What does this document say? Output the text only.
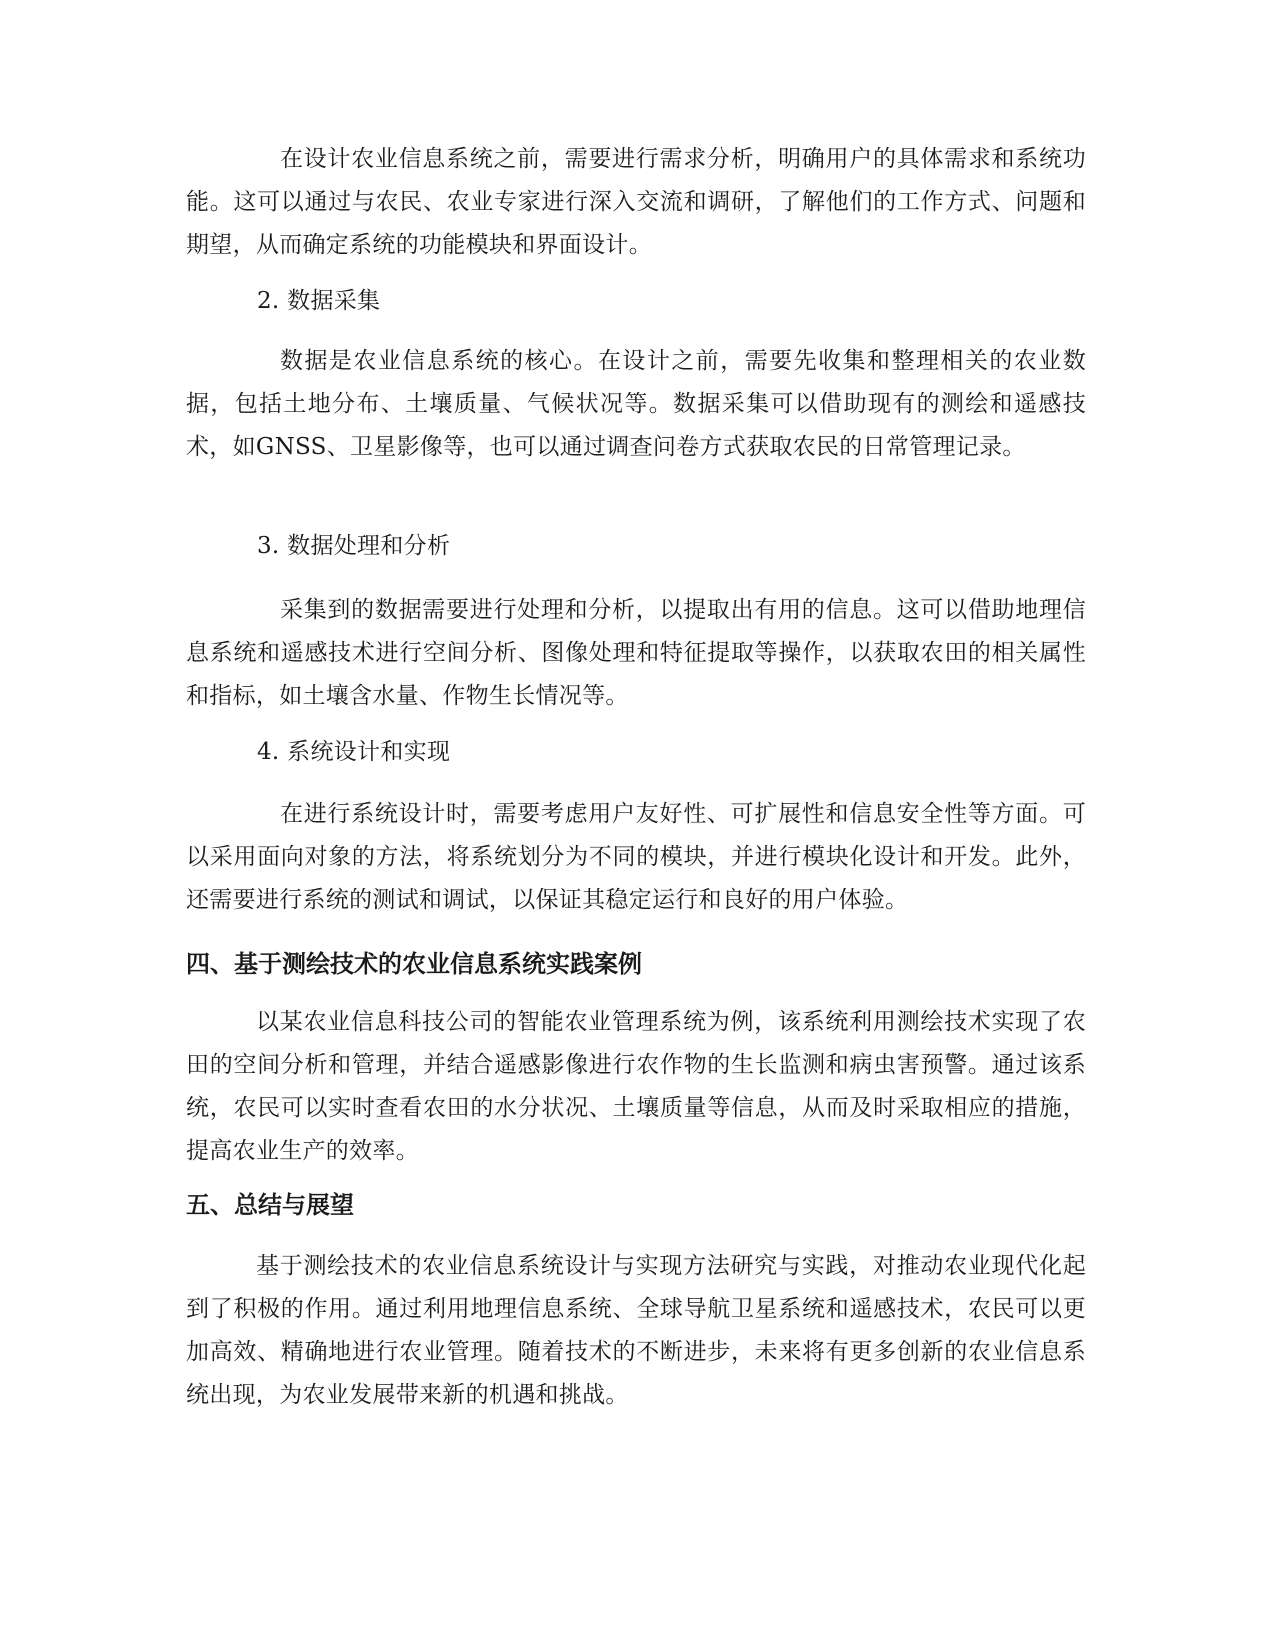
在设计农业信息系统之前，需要进行需求分析，明确用户的具体需求和系统功能。这可以通过与农民、农业专家进行深入交流和调研，了解他们的工作方式、问题和期望，从而确定系统的功能模块和界面设计。

2. 数据采集

数据是农业信息系统的核心。在设计之前，需要先收集和整理相关的农业数据，包括土地分布、土壤质量、气候状况等。数据采集可以借助现有的测绘和遥感技术，如GNSS、卫星影像等，也可以通过调查问卷方式获取农民的日常管理记录。

3. 数据处理和分析

采集到的数据需要进行处理和分析，以提取出有用的信息。这可以借助地理信息系统和遥感技术进行空间分析、图像处理和特征提取等操作，以获取农田的相关属性和指标，如土壤含水量、作物生长情况等。

4. 系统设计和实现

在进行系统设计时，需要考虑用户友好性、可扩展性和信息安全性等方面。可以采用面向对象的方法，将系统划分为不同的模块，并进行模块化设计和开发。此外，还需要进行系统的测试和调试，以保证其稳定运行和良好的用户体验。

四、基于测绘技术的农业信息系统实践案例

以某农业信息科技公司的智能农业管理系统为例，该系统利用测绘技术实现了农田的空间分析和管理，并结合遥感影像进行农作物的生长监测和病虫害预警。通过该系统，农民可以实时查看农田的水分状况、土壤质量等信息，从而及时采取相应的措施，提高农业生产的效率。

五、总结与展望

基于测绘技术的农业信息系统设计与实现方法研究与实践，对推动农业现代化起到了积极的作用。通过利用地理信息系统、全球导航卫星系统和遥感技术，农民可以更加高效、精确地进行农业管理。随着技术的不断进步，未来将有更多创新的农业信息系统出现，为农业发展带来新的机遇和挑战。
